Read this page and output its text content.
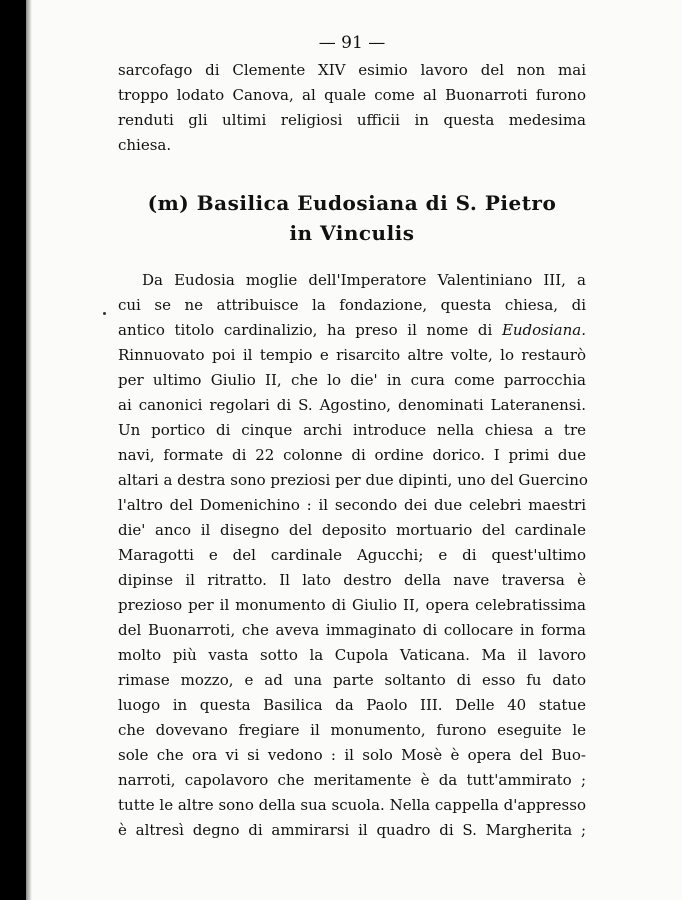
— 91 —
sarcofago di Clemente XIV esimio lavoro del non mai
troppo lodato Canova, al quale come al Buonarroti furono
renduti gli ultimi religiosi ufficii in questa medesima
chiesa.
(m) Basilica Eudosiana di S. Pietro
in Vinculis
Da Eudosia moglie dell'Imperatore Valentiniano III, a
cui se ne attribuisce la fondazione, questa chiesa, di
antico titolo cardinalizio, ha preso il nome di Eudosiana.
Rinnuovato poi il tempio e risarcito altre volte, lo restaurò
per ultimo Giulio II, che lo die' in cura come parrocchia
ai canonici regolari di S. Agostino, denominati Lateranensi.
Un portico di cinque archi introduce nella chiesa a tre
navi, formate di 22 colonne di ordine dorico. I primi due
altari a destra sono preziosi per due dipinti, uno del Guercino
l'altro del Domenichino : il secondo dei due celebri maestri
die' anco il disegno del deposito mortuario del cardinale
Maragotti e del cardinale Agucchi; e di quest'ultimo
dipinse il ritratto. Il lato destro della nave traversa è
prezioso per il monumento di Giulio II, opera celebratissima
del Buonarroti, che aveva immaginato di collocare in forma
molto più vasta sotto la Cupola Vaticana. Ma il lavoro
rimase mozzo, e ad una parte soltanto di esso fu dato
luogo in questa Basilica da Paolo III. Delle 40 statue
che dovevano fregiare il monumento, furono eseguite le
sole che ora vi si vedono : il solo Mosè è opera del Buo-
narroti, capolavoro che meritamente è da tutt'ammirato ;
tutte le altre sono della sua scuola. Nella cappella d'appresso
è altresì degno di ammirarsi il quadro di S. Margherita ;
